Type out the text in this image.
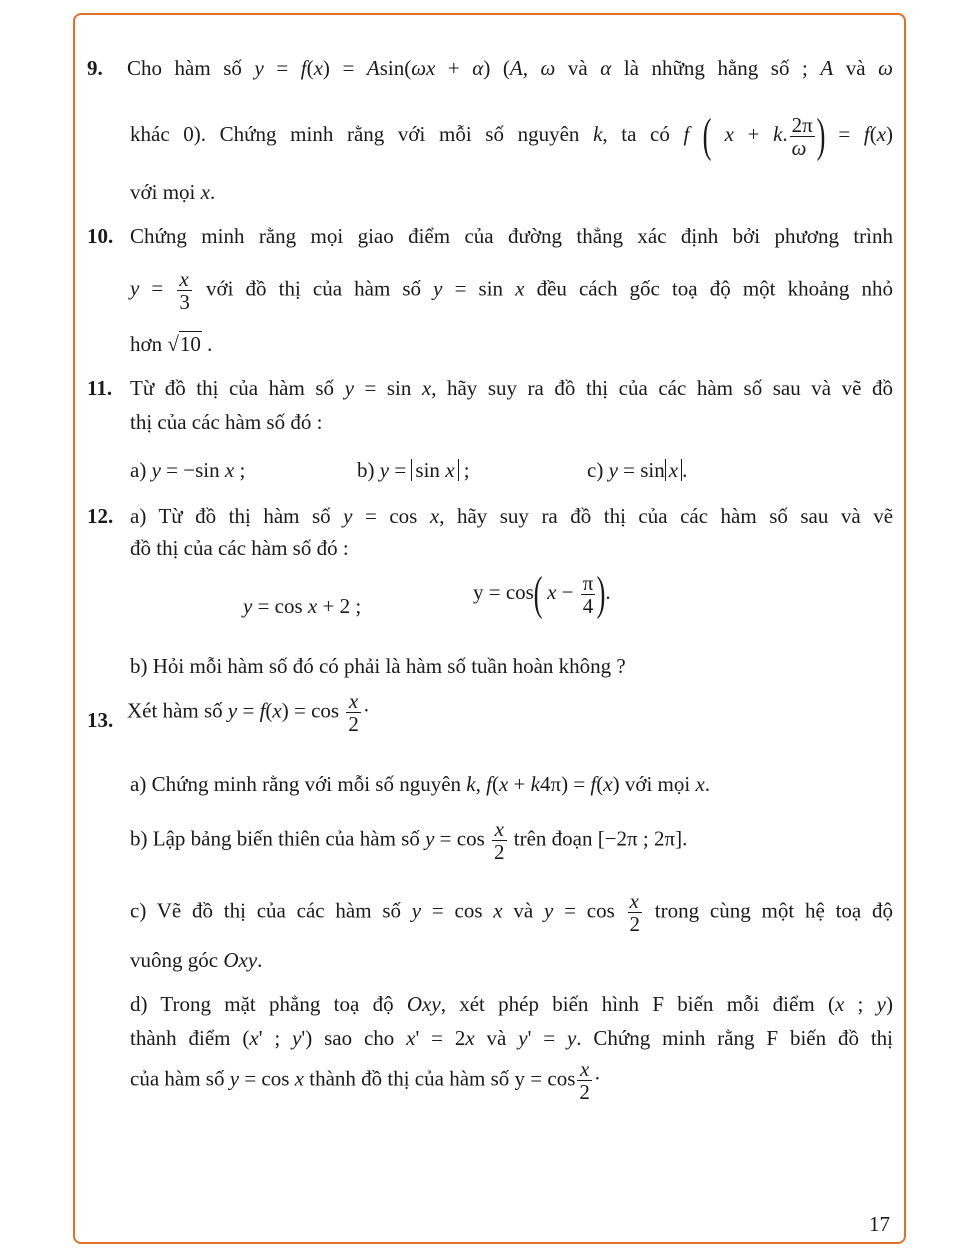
9. Cho hàm số y = f(x) = Asin(ωx + α) (A, ω và α là những hằng số ; A và ω
khác 0). Chứng minh rằng với mỗi số nguyên k, ta có f ( x + k. $\frac{2\pi}{\omega}$ ) = f(x)
với mọi x.
10. Chứng minh rằng mọi giao điểm của đường thẳng xác định bởi phương trình
$y = \frac{x}{3}$ với đồ thị của hàm số y = sin x đều cách gốc toạ độ một khoảng nhỏ
hơn √10 .
11. Từ đồ thị của hàm số y = sin x, hãy suy ra đồ thị của các hàm số sau và vẽ đồ
thị của các hàm số đó :
a) y = −sin x ;	b) y = sin x ;	c) y = sin x .
12. a) Từ đồ thị hàm số y = cos x, hãy suy ra đồ thị của các hàm số sau và vẽ
đồ thị của các hàm số đó :
y = cos x + 2 ;
y = cos( $x - \frac{\pi}{4}$ ).
b) Hỏi mỗi hàm số đó có phải là hàm số tuần hoàn không ?
13. Xét hàm số $y = f(x) = \cos \frac{x}{2}$ ·
a) Chứng minh rằng với mỗi số nguyên k, f(x + k4π) = f(x) với mọi x.
b) Lập bảng biến thiên của hàm số $y = \cos \frac{x}{2}$ trên đoạn [−2π ; 2π].
c) Vẽ đồ thị của các hàm số y = cos x và $y = \cos \frac{x}{2}$ trong cùng một hệ toạ độ
vuông góc Oxy.
d) Trong mặt phẳng toạ độ Oxy, xét phép biến hình F biến mỗi điểm (x ; y)
thành điểm (x' ; y') sao cho x' = 2x và y' = y. Chứng minh rằng F biến đồ thị
của hàm số y = cos x thành đồ thị của hàm số $y = \cos \frac{x}{2}$ ·
17
